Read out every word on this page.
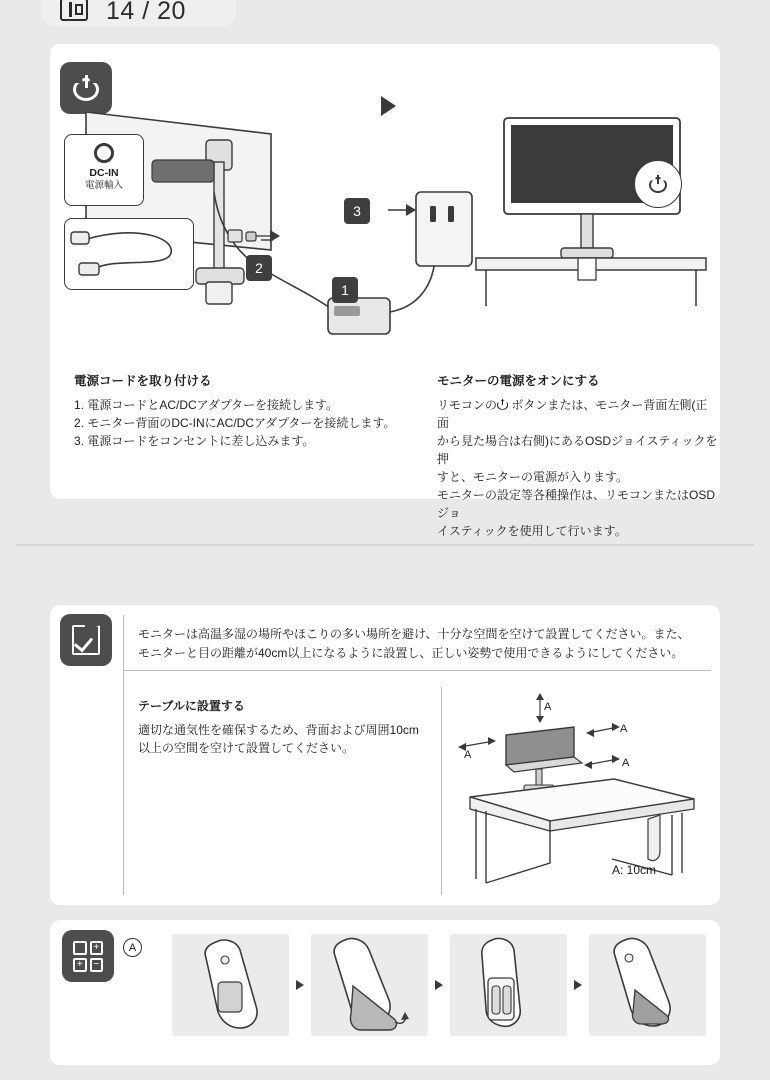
14 / 20
DC-IN
電源輸入
1
2
3
電源コードを取り付ける
1. 電源コードとAC/DCアダプターを接続します。
2. モニター背面のDC-INにAC/DCアダプターを接続します。
3. 電源コードをコンセントに差し込みます。
モニターの電源をオンにする
リモコンの ボタンまたは、モニター背面左側(正面
から見た場合は右側)にあるOSDジョイスティックを押
すと、モニターの電源が入ります。
モニターの設定等各種操作は、リモコンまたはOSDジョ
イスティックを使用して行います。
モニターは高温多湿の場所やほこりの多い場所を避け、十分な空間を空けて設置してください。また、モニターと目の距離が40cm以上になるように設置し、正しい姿勢で使用できるようにしてください。
テーブルに設置する
適切な通気性を確保するため、背面および周囲10cm以上の空間を空けて設置してください。
A
A
A
A
A: 10cm
+
+	−
A
